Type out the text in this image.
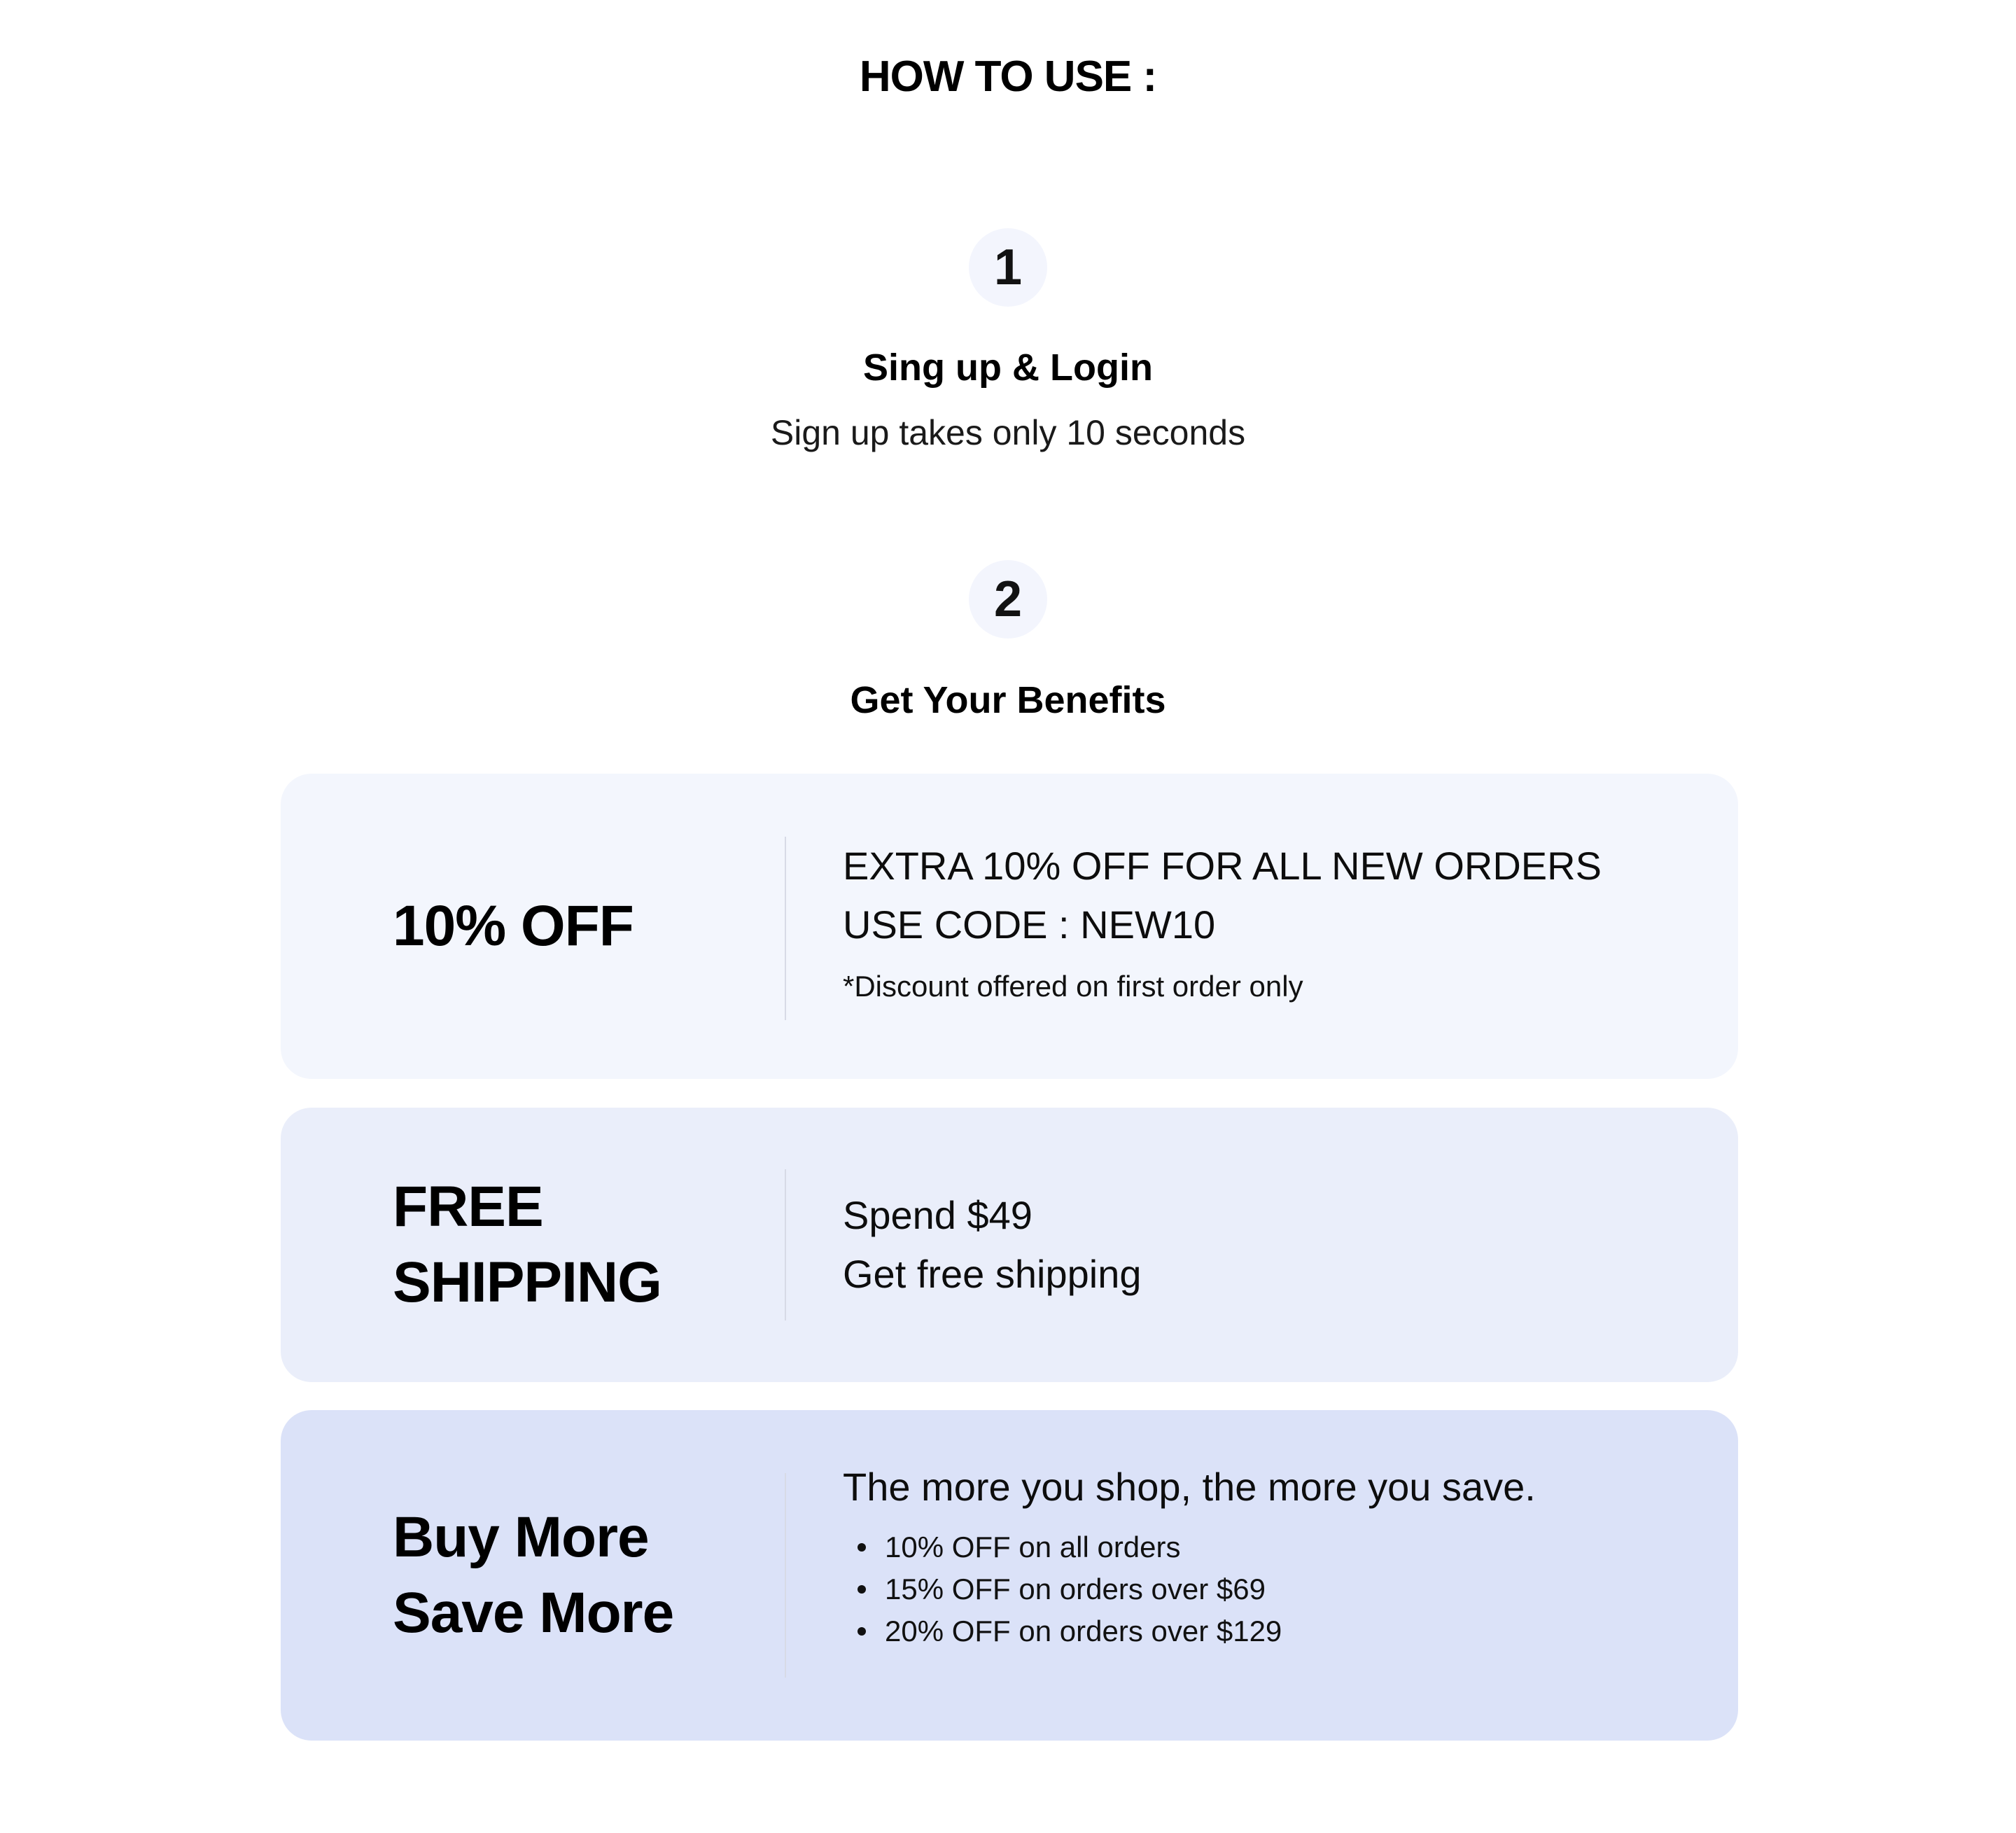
HOW TO USE :
1
Sing up & Login
Sign up takes only 10 seconds
2
Get Your Benefits
10% OFF
EXTRA 10% OFF FOR ALL NEW ORDERS
USE CODE : NEW10
*Discount offered on first order only
FREE
SHIPPING
Spend $49
Get free shipping
Buy More
Save More
The more you shop, the more you save.
10% OFF on all orders
15% OFF on orders over $69
20% OFF on orders over $129
